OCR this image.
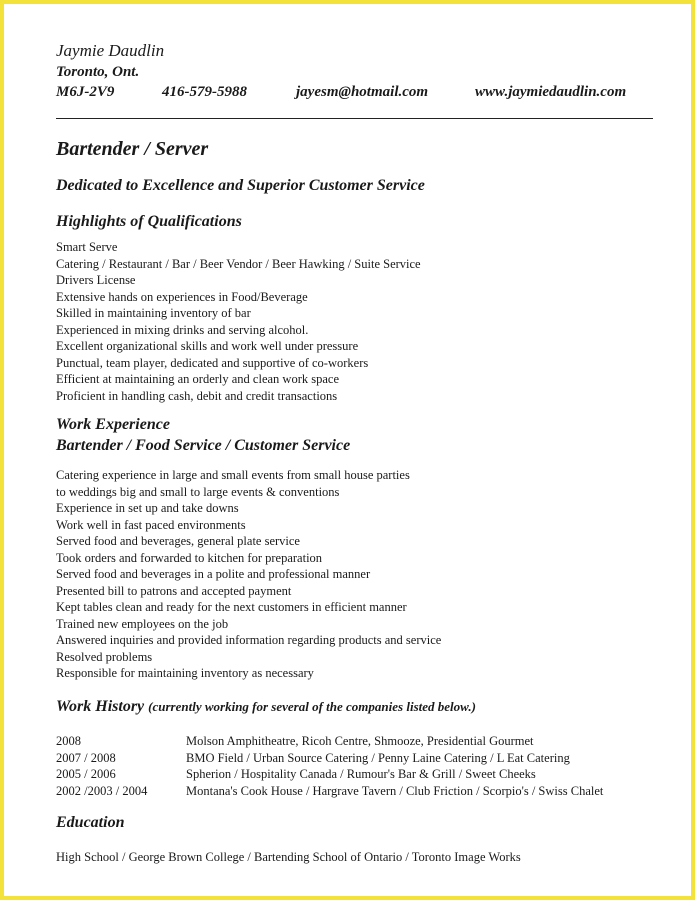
Jaymie Daudlin
Toronto, Ont.
M6J-2V9	416-579-5988	jayesm@hotmail.com	www.jaymiedaudlin.com
Bartender / Server
Dedicated to Excellence and Superior Customer Service
Highlights of Qualifications
Smart Serve
Catering / Restaurant / Bar / Beer Vendor / Beer Hawking / Suite Service
Drivers License
Extensive hands on experiences in Food/Beverage
Skilled in maintaining inventory of bar
Experienced in mixing drinks and serving alcohol.
Excellent organizational skills and work well under pressure
Punctual, team player, dedicated and supportive of co-workers
Efficient at maintaining an orderly and clean work space
Proficient in handling cash, debit and credit transactions
Work Experience
Bartender / Food Service / Customer Service
Catering experience in large and small events from small house parties
to weddings big and small to large events & conventions
Experience in set up and take downs
Work well in fast paced environments
Served food and beverages, general plate service
Took orders and forwarded to kitchen for preparation
Served food and beverages in a polite and professional manner
Presented bill to patrons and accepted payment
Kept tables clean and ready for the next customers in efficient manner
Trained new employees on the job
Answered inquiries and provided information regarding products and service
Resolved problems
Responsible for maintaining inventory as necessary
Work History (currently working for several of the companies listed below.)
2008	Molson Amphitheatre, Ricoh Centre, Shmooze, Presidential Gourmet
2007 / 2008	BMO Field / Urban Source Catering / Penny Laine Catering / L Eat Catering
2005 / 2006	Spherion / Hospitality Canada / Rumour's Bar & Grill / Sweet Cheeks
2002 /2003 / 2004	Montana's Cook House / Hargrave Tavern / Club Friction / Scorpio's / Swiss Chalet
Education
High School / George Brown College / Bartending School of Ontario / Toronto Image Works
